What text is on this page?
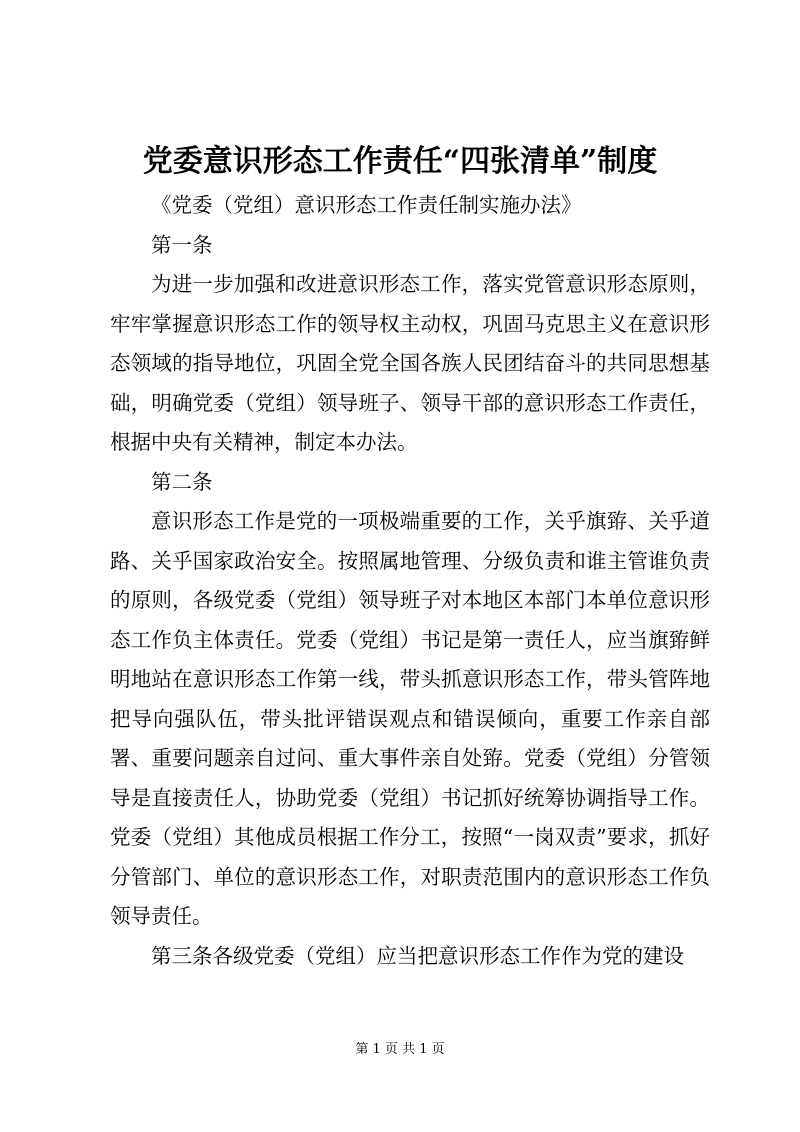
党委意识形态工作责任“四张清单”制度

《党委（党组）意识形态工作责任制实施办法》

第一条

为进一步加强和改进意识形态工作，落实党管意识形态原则，牢牢掌握意识形态工作的领导权主动权，巩固马克思主义在意识形态领域的指导地位，巩固全党全国各族人民团结奋斗的共同思想基础，明确党委（党组）领导班子、领导干部的意识形态工作责任，根据中央有关精神，制定本办法。

第二条

意识形态工作是党的一项极端重要的工作，关乎旗臶、关乎道路、关乎国家政治安全。按照属地管理、分级负责和谁主管谁负责的原则，各级党委（党组）领导班子对本地区本部门本单位意识形态工作负主体责任。党委（党组）书记是第一责任人，应当旗臶鲜明地站在意识形态工作第一线，带头抓意识形态工作，带头管阵地把导向强队伍，带头批评错误观点和错误倾向，重要工作亲自部署、重要问题亲自过问、重大事件亲自处臶。党委（党组）分管领导是直接责任人，协助党委（党组）书记抓好统筹协调指导工作。党委（党组）其他成员根据工作分工，按照“一岗双责”要求，抓好分管部门、单位的意识形态工作，对职责范围内的意识形态工作负领导责任。

第三条各级党委（党组）应当把意识形态工作作为党的建设

第 1 页 共 1 页
